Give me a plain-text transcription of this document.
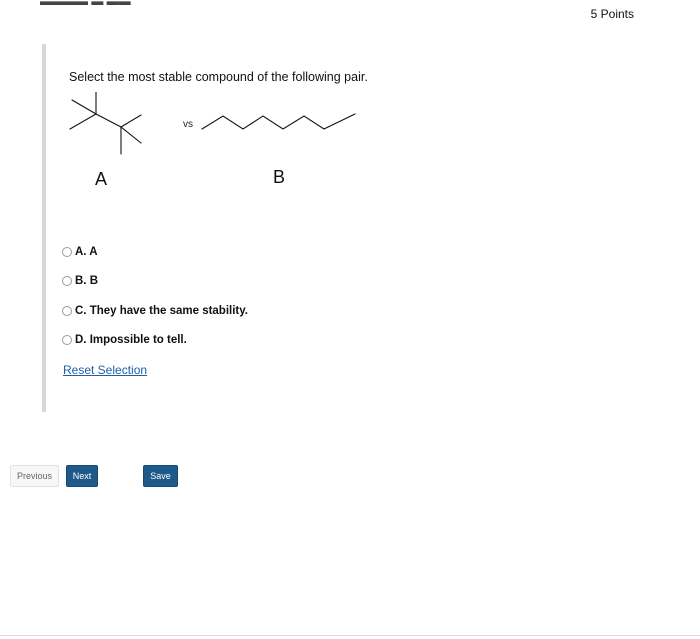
▬▬▬▬ ▬ ▬▬
5 Points
Select the most stable compound of the following pair.
vs
A	B
A. A
B. B
C. They have the same stability.
D. Impossible to tell.
Reset Selection
Previous	Next	Save
